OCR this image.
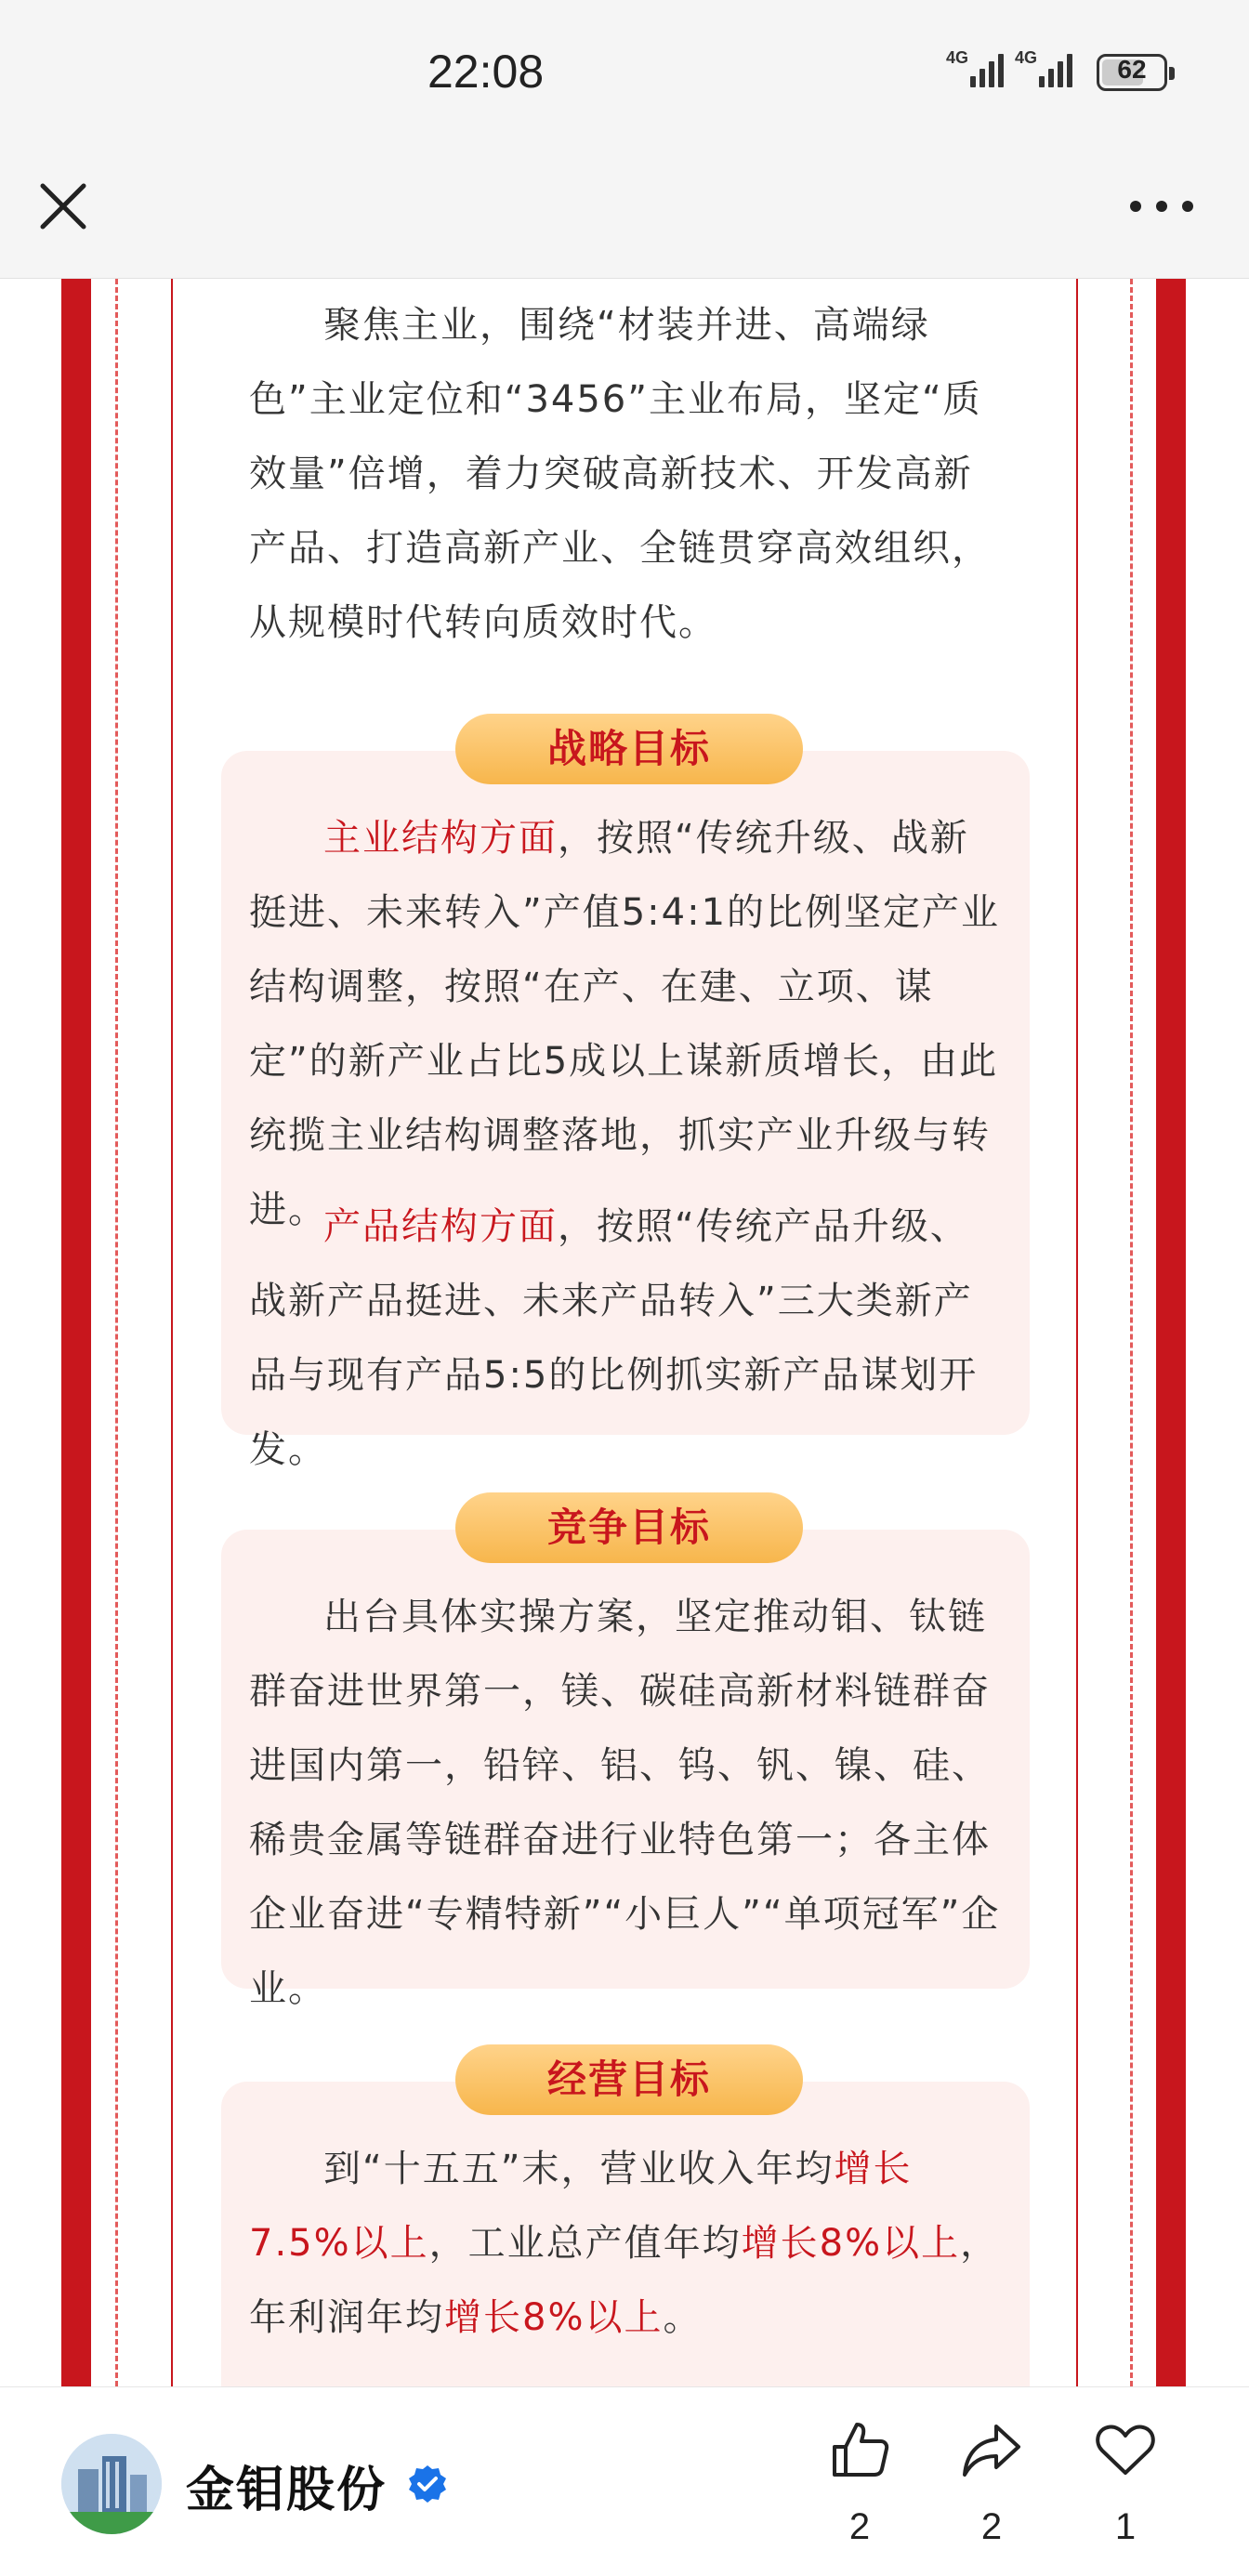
22:08	4G	4G	62

聚焦主业，围绕“材装并进、高端绿色”主业定位和“3456”主业布局，坚定“质效量”倍增，着力突破高新技术、开发高新产品、打造高新产业、全链贯穿高效组织，从规模时代转向质效时代。

战略目标

主业结构方面，按照“传统升级、战新挺进、未来转入”产值5:4:1的比例坚定产业结构调整，按照“在产、在建、立项、谋定”的新产业占比5成以上谋新质增长，由此统揽主业结构调整落地，抓实产业升级与转进。

产品结构方面，按照“传统产品升级、战新产品挺进、未来产品转入”三大类新产品与现有产品5:5的比例抓实新产品谋划开发。

竞争目标

出台具体实操方案，坚定推动钼、钛链群奋进世界第一，镁、碳硅高新材料链群奋进国内第一，铅锌、铝、钨、钒、镍、硅、稀贵金属等链群奋进行业特色第一；各主体企业奋进“专精特新”“小巨人”“单项冠军”企业。

经营目标

到“十五五”末，营业收入年均增长7.5%以上，工业总产值年均增长8%以上，年利润年均增长8%以上。

金钼股份
2	2	1
